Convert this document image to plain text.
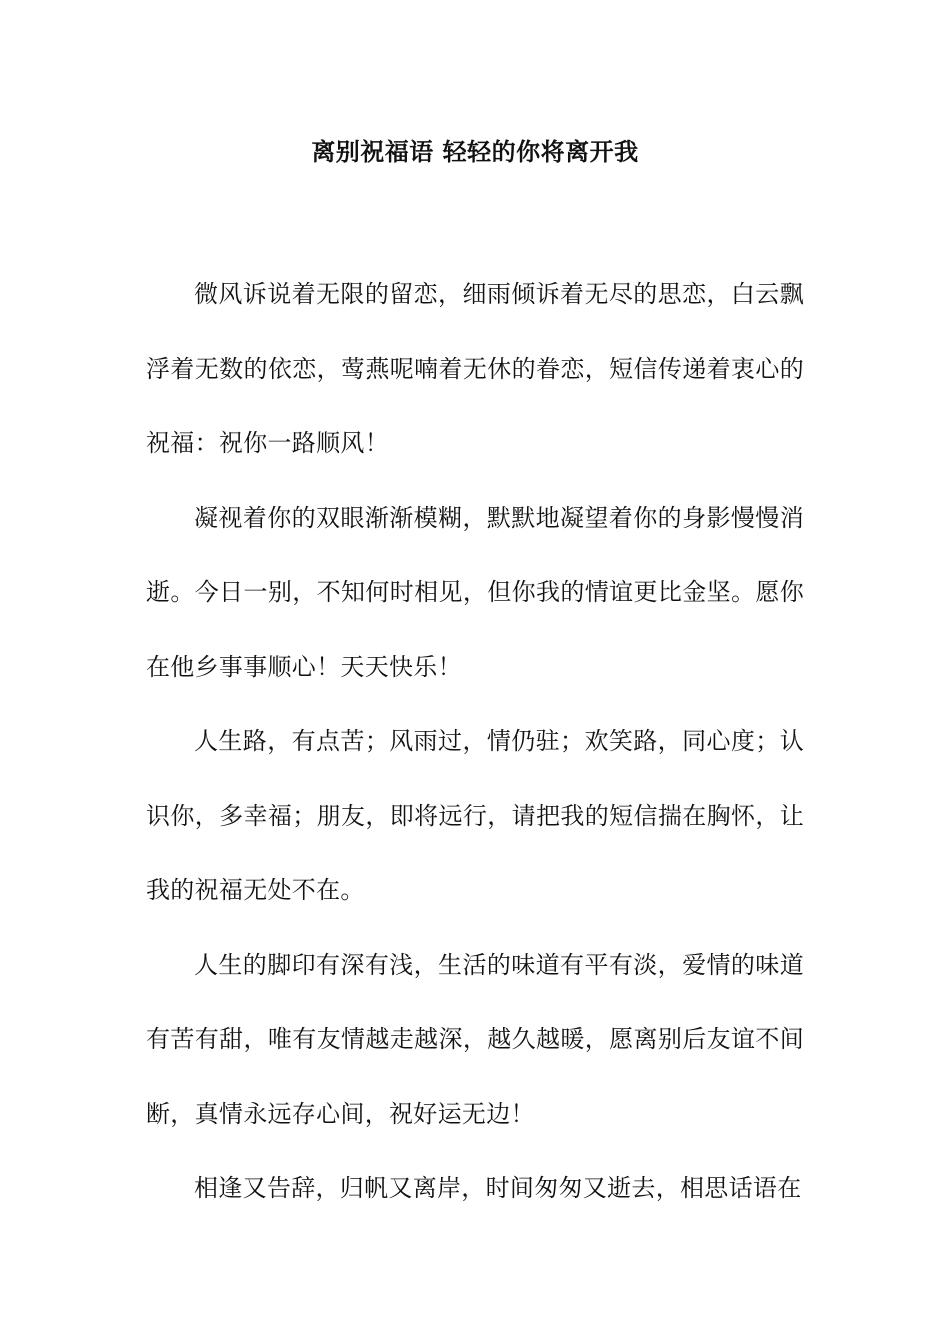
离别祝福语 轻轻的你将离开我

微风诉说着无限的留恋，细雨倾诉着无尽的思恋，白云飘浮着无数的依恋，莺燕呢喃着无休的眷恋，短信传递着衷心的祝福：祝你一路顺风！

凝视着你的双眼渐渐模糊，默默地凝望着你的身影慢慢消逝。今日一别，不知何时相见，但你我的情谊更比金坚。愿你在他乡事事顺心！天天快乐！

人生路，有点苦；风雨过，情仍驻；欢笑路，同心度；认识你，多幸福；朋友，即将远行，请把我的短信揣在胸怀，让我的祝福无处不在。

人生的脚印有深有浅，生活的味道有平有淡，爱情的味道有苦有甜，唯有友情越走越深，越久越暖，愿离别后友谊不间断，真情永远存心间，祝好运无边！

相逢又告辞，归帆又离岸，时间匆匆又逝去，相思话语在
